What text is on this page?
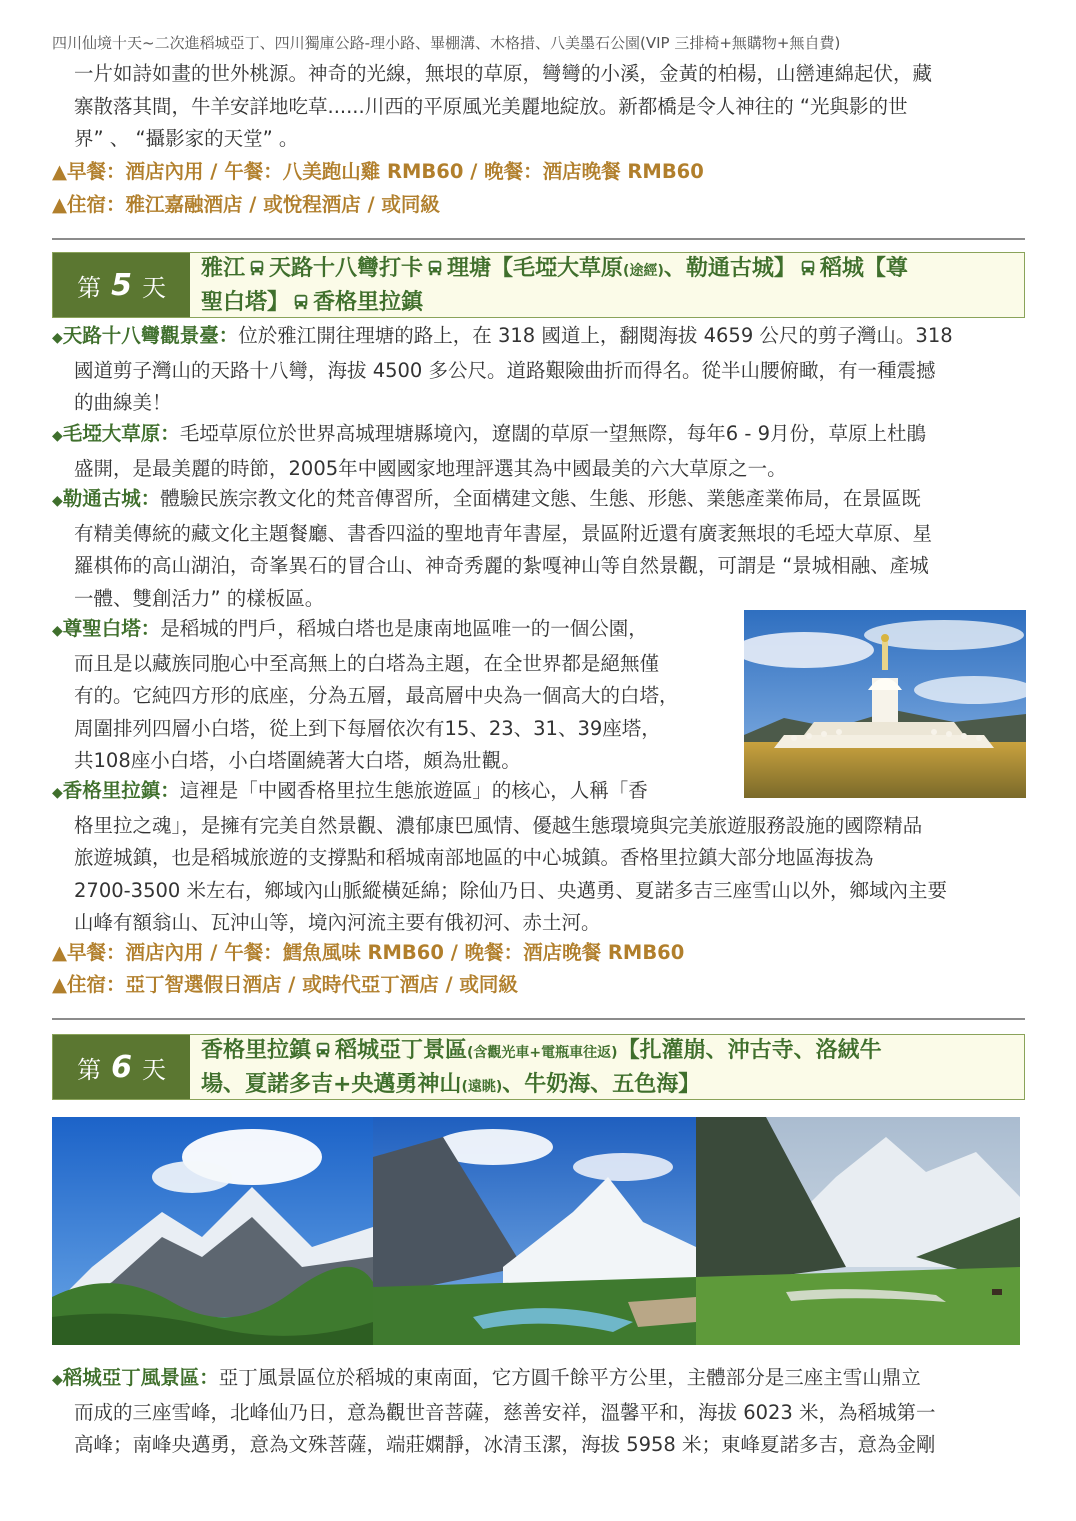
四川仙境十天~二次進稻城亞丁、四川獨庫公路-理小路、畢棚溝、木格措、八美墨石公園(VIP 三排椅+無購物+無自費)
一片如詩如畫的世外桃源。神奇的光線，無垠的草原，彎彎的小溪，金黃的柏楊，山巒連綿起伏，藏
寨散落其間，牛羊安詳地吃草......川西的平原風光美麗地綻放。新都橋是令人神往的 “光與影的世
界” 、 “攝影家的天堂” 。
▲早餐：酒店內用 / 午餐：八美跑山雞 RMB60 / 晚餐：酒店晚餐 RMB60
▲住宿：雅江嘉融酒店 / 或悅程酒店 / 或同級
第 5 天
雅江 天路十八彎打卡 理塘【毛埡大草原(途經)、勒通古城】 稻城【尊
聖白塔】 香格里拉鎮
◆天路十八彎觀景臺：位於雅江開往理塘的路上，在 318 國道上，翻閱海拔 4659 公尺的剪子灣山。318
國道剪子灣山的天路十八彎，海拔 4500 多公尺。道路艱險曲折而得名。從半山腰俯瞰，有一種震撼
的曲線美！
◆毛埡大草原：毛埡草原位於世界高城理塘縣境內，遼闊的草原一望無際，每年6 - 9月份，草原上杜鵑
盛開，是最美麗的時節，2005年中國國家地理評選其為中國最美的六大草原之一。
◆勒通古城：體驗民族宗教文化的梵音傳習所，全面構建文態、生態、形態、業態產業佈局，在景區既
有精美傳統的藏文化主題餐廳、書香四溢的聖地青年書屋，景區附近還有廣袤無垠的毛埡大草原、星
羅棋佈的高山湖泊，奇峯異石的冒合山、神奇秀麗的紮嘎神山等自然景觀，可謂是 “景城相融、產城
一體、雙創活力” 的樣板區。
◆尊聖白塔：是稻城的門戶，稻城白塔也是康南地區唯一的一個公園，
而且是以藏族同胞心中至高無上的白塔為主題，在全世界都是絕無僅
有的。它純四方形的底座，分為五層，最高層中央為一個高大的白塔，
周圍排列四層小白塔，從上到下每層依次有15、23、31、39座塔，
共108座小白塔，小白塔圍繞著大白塔，頗為壯觀。
◆香格里拉鎮：這裡是「中國香格里拉生態旅遊區」的核心，人稱「香
格里拉之魂」，是擁有完美自然景觀、濃郁康巴風情、優越生態環境與完美旅遊服務設施的國際精品
旅遊城鎮，也是稻城旅遊的支撐點和稻城南部地區的中心城鎮。香格里拉鎮大部分地區海拔為
2700-3500 米左右，鄉域內山脈縱橫延綿；除仙乃日、央邁勇、夏諾多吉三座雪山以外，鄉域內主要
山峰有額翁山、瓦沖山等，境內河流主要有俄初河、赤土河。
▲早餐：酒店內用 / 午餐：鱈魚風味 RMB60 / 晚餐：酒店晚餐 RMB60
▲住宿：亞丁智選假日酒店 / 或時代亞丁酒店 / 或同級
第 6 天
香格里拉鎮 稻城亞丁景區(含觀光車+電瓶車往返)【扎灌崩、沖古寺、洛絨牛
場、夏諾多吉+央邁勇神山(遠眺)、牛奶海、五色海】
◆稻城亞丁風景區：亞丁風景區位於稻城的東南面，它方圓千餘平方公里，主體部分是三座主雪山鼎立
而成的三座雪峰，北峰仙乃日，意為觀世音菩薩，慈善安祥，溫馨平和，海拔 6023 米，為稻城第一
高峰；南峰央邁勇，意為文殊菩薩，端莊嫻靜，冰清玉潔，海拔 5958 米；東峰夏諾多吉，意為金剛
